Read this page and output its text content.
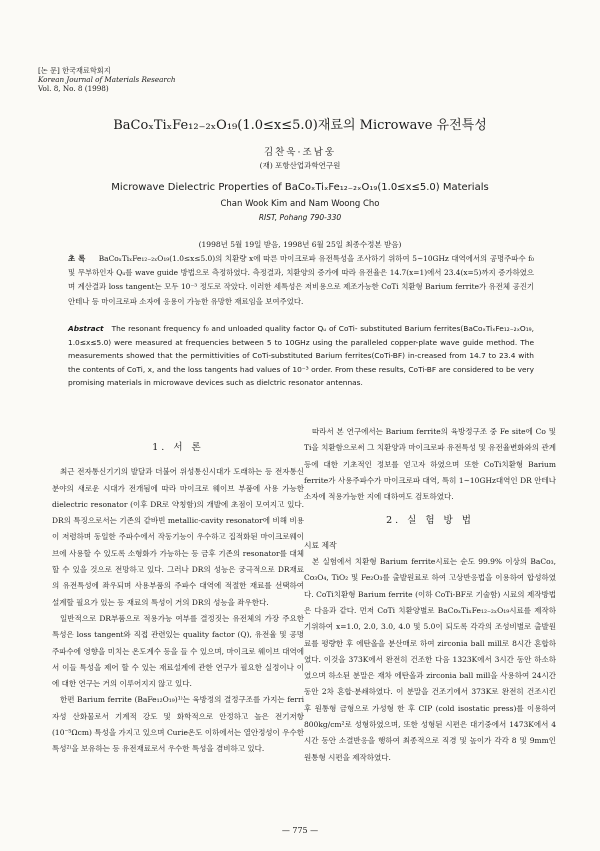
[논 문] 한국재료학회지
Korean Journal of Materials Research
Vol. 8, No. 8 (1998)
BaCoₓTiₓFe₁₂₋₂ₓO₁₉(1.0≤x≤5.0)재료의 Microwave 유전특성
김찬욱·조남웅
(재) 포항산업과학연구원
Microwave Dielectric Properties of BaCoₓTiₓFe₁₂₋₂ₓO₁₉(1.0≤x≤5.0) Materials
Chan Wook Kim and Nam Woong Cho
RIST, Pohang 790-330
(1998년 5월 19일 받음, 1998년 6월 25일 최종수정본 받음)
초 록 BaCoₓTiₓFe₁₂₋₂ₓO₁₉(1.0≤x≤5.0)의 치환량 x에 따른 마이크로파 유전특성을 조사하기 위하여 5~10GHz 대역에서의 공명주파수 f₀ 및 무부하인자 Qᵤ를 wave guide 방법으로 측정하였다. 측정결과, 치환양의 증가에 따라 유전율은 14.7(x=1)에서 23.4(x=5)까지 증가하였으며 계산결과 loss tangent는 모두 10⁻³ 정도로 작았다. 이러한 세특성은 저비용으로 제조가능한 CoTi 치환형 Barium ferrite가 유전체 공진기 안테나 등 마이크로파 소자에 응용이 가능한 유망한 재료임을 보여주었다.
Abstract The resonant frequency f₀ and unloaded quality factor Qᵤ of CoTi- substituted Barium ferrites(BaCoₓTiₓFe₁₂₋₂ₓO₁₉, 1.0≤x≤5.0) were measured at frequencies between 5 to 10GHz using the paralleled copper-plate wave guide method. The measurements showed that the permittivities of CoTi-substituted Barium ferrites(CoTi-BF) in-creased from 14.7 to 23.4 with the contents of CoTi, x, and the loss tangents had values of 10⁻³ order. From these results, CoTi-BF are considered to be very promising materials in microwave devices such as dielctric resonator antennas.
1. 서 론

최근 전자통신기기의 발달과 더불어 위성통신시대가 도래하는 등 전자통신 분야의 새로운 시대가 전개됨에 따라 마이크로 웨이브 부품에 사용 가능한 dielectric resonator (이후 DR로 약칭함)의 개발에 초점이 모여지고 있다. DR의 특징으로서는 기존의 같바빈 metallic-cavity resonator에 비해 비용이 저렴하며 동일한 주파수에서 작동기능이 우수하고 집적화된 마이크로웨이브에 사용할 수 있도록 소형화가 가능하는 등 금후 기존의 resonator를 대체할 수 있을 것으로 전망하고 있다. 그러나 DR의 성능은 궁극적으로 DR재료의 유전특성에 좌우되며 사용부품의 주파수 대역에 적절한 재료를 선택하여 설계할 필요가 있는 등 재료의 특성이 거의 DR의 성능을 좌우한다.

일반적으로 DR부품으로 적용가능 여부를 결정짓는 유전체의 가장 주요한 특성은 loss tangent와 직접 관련있는 quality factor (Q), 유전율 및 공명주파수에 영향을 미치는 온도계수 등을 들 수 있으며, 마이크로 웨이브 대역에서 이들 특성을 제어 할 수 있는 재료설계에 관한 연구가 필요한 실정이나 이에 대한 연구는 거의 이루어지지 않고 있다.

한편 Barium ferrite (BaFe₁₂O₁₉)¹⁾는 육방정의 결정구조를 가지는 ferri자성 산화물로서 기계적 강도 및 화학적으로 안정하고 높은 전기저항(10⁻⁵Ωcm) 특성을 가지고 있으며 Curie온도 이하에서는 열안정성이 우수한 특성²⁾을 보유하는 등 유전재료로서 우수한 특성을 겸비하고 있다.

따라서 본 연구에서는 Barium ferrite의 육방정구조 중 Fe site에 Co 및 Ti을 치환함으로써 그 치환양과 마이크로파 유전특성 및 유전율변화와의 관계 등에 대한 기초적인 정보를 얻고자 하였으며 또한 CoTi치환형 Barium ferrite가 사용주파수가 마이크로파 대역, 특히 1~10GHz대역인 DR 안테나소자에 적용가능한 지에 대하여도 검토하였다.

2. 실 험 방 법
시료 제작

본 실험에서 치환형 Barium ferrite시료는 순도 99.9% 이상의 BaCo₃, Co₃O₄, TiO₂ 및 Fe₂O₃를 출발원료로 하여 고상반응법을 이용하여 합성하였다. CoTi치환형 Barium ferrite (이하 CoTi-BF로 기술함) 시료의 제작방법은 다음과 같다. 먼저 CoTi 치환양별로 BaCoₓTiₓFe₁₂₋₂ₓO₁₉시료를 제작하기위하여 x=1.0, 2.0, 3.0, 4.0 및 5.0이 되도록 각각의 조성비별로 출발원료를 평량한 후 에탄올을 분산매로 하여 zirconia ball mill로 8시간 혼합하였다. 이것을 373K에서 완전히 건조한 다음 1323K에서 3시간 동안 하소하였으며 하소된 분말은 재차 에탄올과 zirconia ball mill을 사용하여 24시간동안 2차 혼합·분쇄하였다. 이 분말을 건조기에서 373K로 완전히 건조시킨 후 원통형 금형으로 가성형 한 후 CIP (cold isostatic press)를 이용하여 800kg/cm²로 성형하였으며, 또한 성형된 시편은 대기중에서 1473K에서 4시간 동안 소결반응을 행하여 최종적으로 직경 및 높이가 각각 8 및 9mm인 원통형 시편을 제작하였다.

— 775 —
